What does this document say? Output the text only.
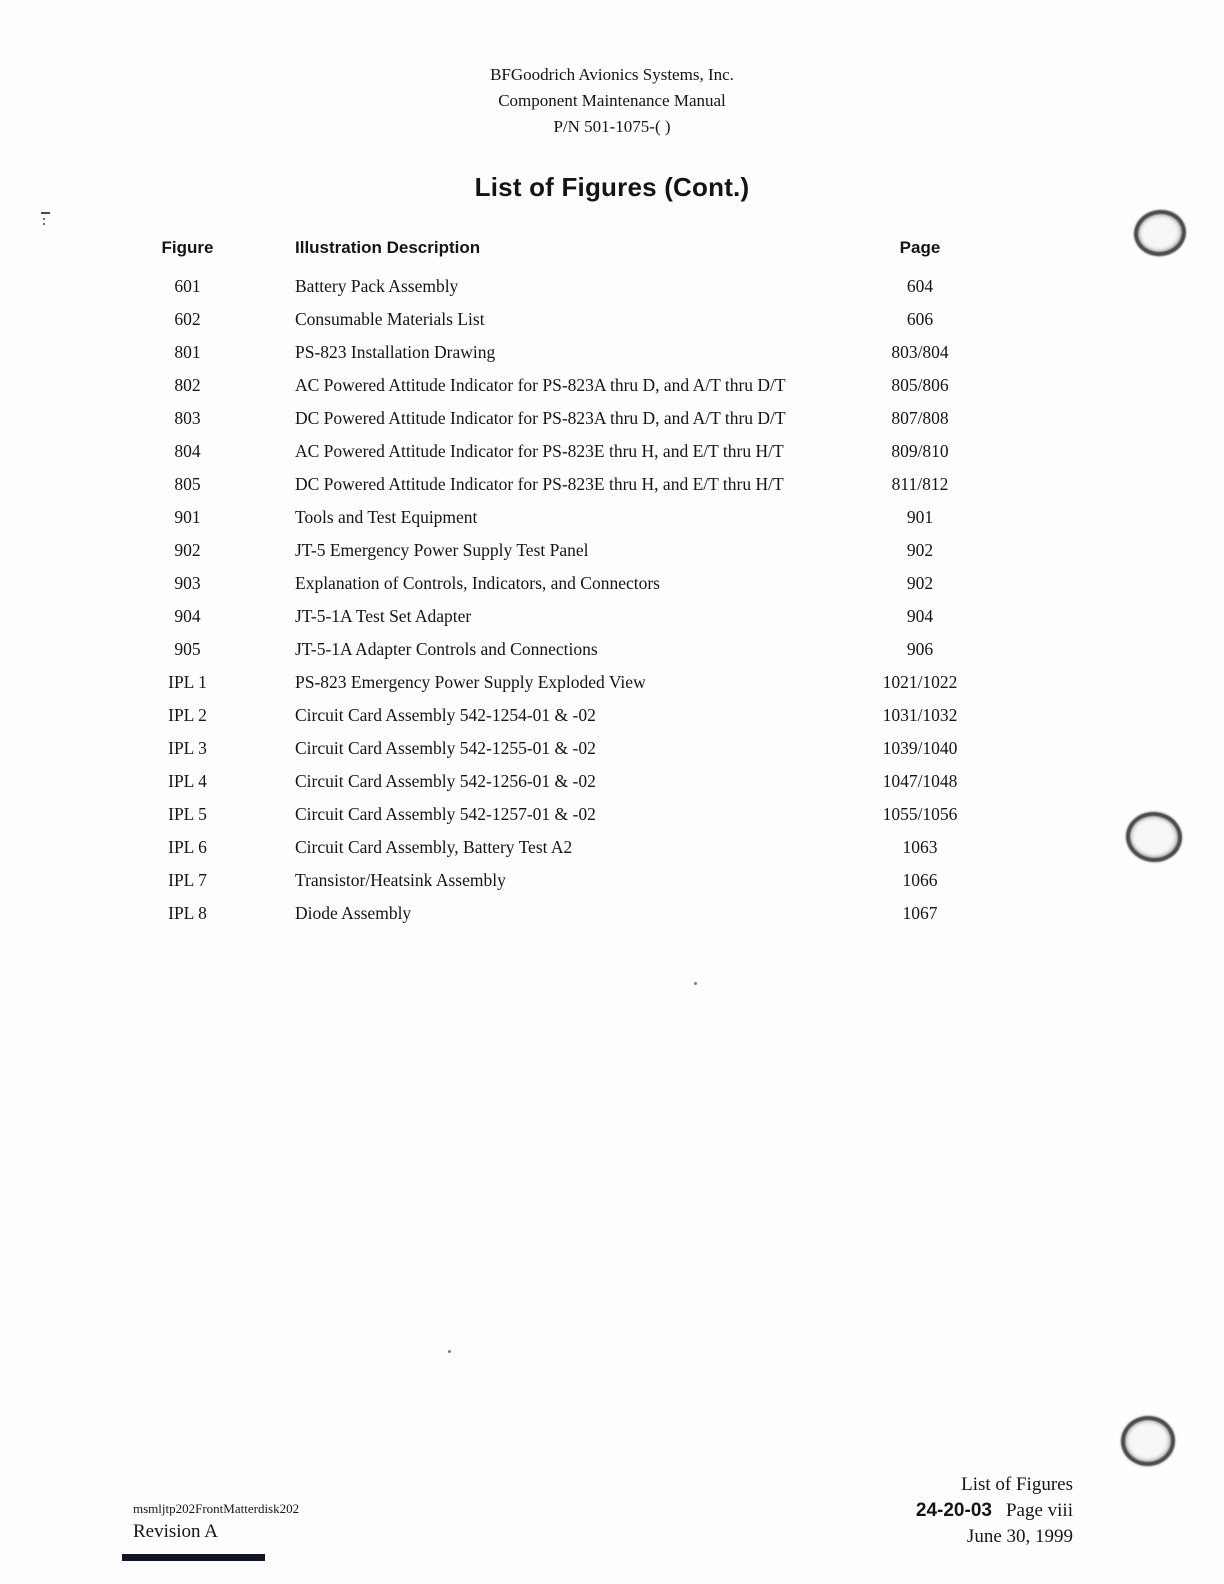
BFGoodrich Avionics Systems, Inc.

Component Maintenance Manual

P/N 501-1075-( )

List of Figures (Cont.)
Figure	Illustration Description	Page
601	Battery Pack Assembly	604
602	Consumable Materials List	606
801	PS-823 Installation Drawing	803/804
802	AC Powered Attitude Indicator for PS-823A thru D, and A/T thru D/T	805/806
803	DC Powered Attitude Indicator for PS-823A thru D, and A/T thru D/T	807/808
804	AC Powered Attitude Indicator for PS-823E thru H, and E/T thru H/T	809/810
805	DC Powered Attitude Indicator for PS-823E thru H, and E/T thru H/T	811/812
901	Tools and Test Equipment	901
902	JT-5 Emergency Power Supply Test Panel	902
903	Explanation of Controls, Indicators, and Connectors	902
904	JT-5-1A Test Set Adapter	904
905	JT-5-1A Adapter Controls and Connections	906
IPL 1	PS-823 Emergency Power Supply Exploded View	1021/1022
IPL 2	Circuit Card Assembly 542-1254-01 & -02	1031/1032
IPL 3	Circuit Card Assembly 542-1255-01 & -02	1039/1040
IPL 4	Circuit Card Assembly 542-1256-01 & -02	1047/1048
IPL 5	Circuit Card Assembly 542-1257-01 & -02	1055/1056
IPL 6	Circuit Card Assembly, Battery Test A2	1063
IPL 7	Transistor/Heatsink Assembly	1066
IPL 8	Diode Assembly	1067
msmljtp202FrontMatterdisk202
Revision A
List of Figures
24-20-03 Page viii
June 30, 1999
